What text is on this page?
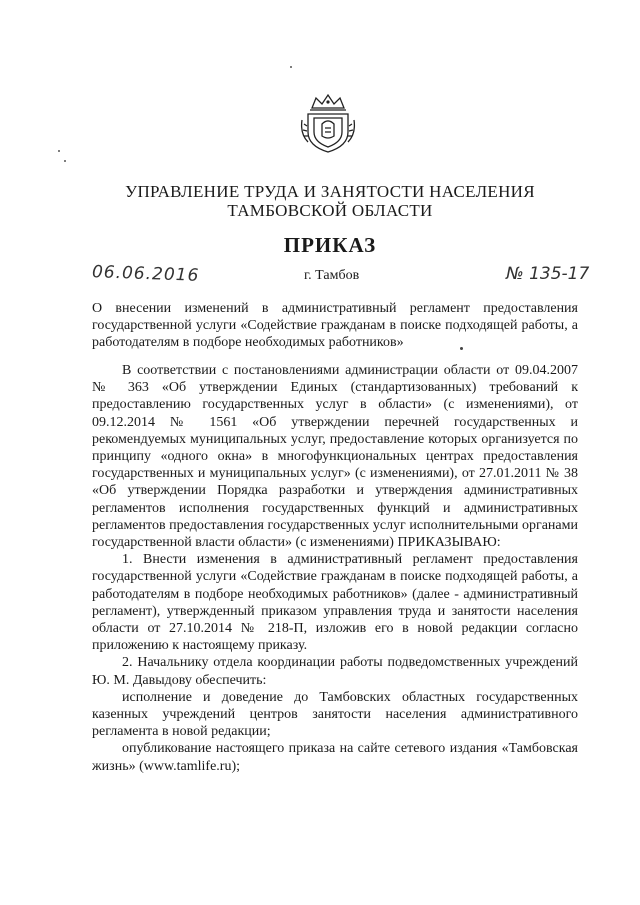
УПРАВЛЕНИЕ ТРУДА И ЗАНЯТОСТИ НАСЕЛЕНИЯ
ТАМБОВСКОЙ ОБЛАСТИ
ПРИКАЗ
06.06.2016	г. Тамбов	№ 135-17
О внесении изменений в административный регламент предоставления государственной услуги «Содействие гражданам в поиске подходящей работы, а работодателям в подборе необходимых работников»

В соответствии с постановлениями администрации области от 09.04.2007 № 363 «Об утверждении Единых (стандартизованных) требований к предоставлению государственных услуг в области» (с изменениями), от 09.12.2014 № 1561 «Об утверждении перечней государственных и рекомендуемых муниципальных услуг, предоставление которых организуется по принципу «одного окна» в многофункциональных центрах предоставления государственных и муниципальных услуг» (с изменениями), от 27.01.2011 № 38 «Об утверждении Порядка разработки и утверждения административных регламентов исполнения государственных функций и административных регламентов предоставления государственных услуг исполнительными органами государственной власти области» (с изменениями) ПРИКАЗЫВАЮ:

1. Внести изменения в административный регламент предоставления государственной услуги «Содействие гражданам в поиске подходящей работы, а работодателям в подборе необходимых работников» (далее - административный регламент), утвержденный приказом управления труда и занятости населения области от 27.10.2014 № 218-П, изложив его в новой редакции согласно приложению к настоящему приказу.

2. Начальнику отдела координации работы подведомственных учреждений Ю. М. Давыдову обеспечить:

исполнение и доведение до Тамбовских областных государственных казенных учреждений центров занятости населения административного регламента в новой редакции;

опубликование настоящего приказа на сайте сетевого издания «Тамбовская жизнь» (www.tamlife.ru);
